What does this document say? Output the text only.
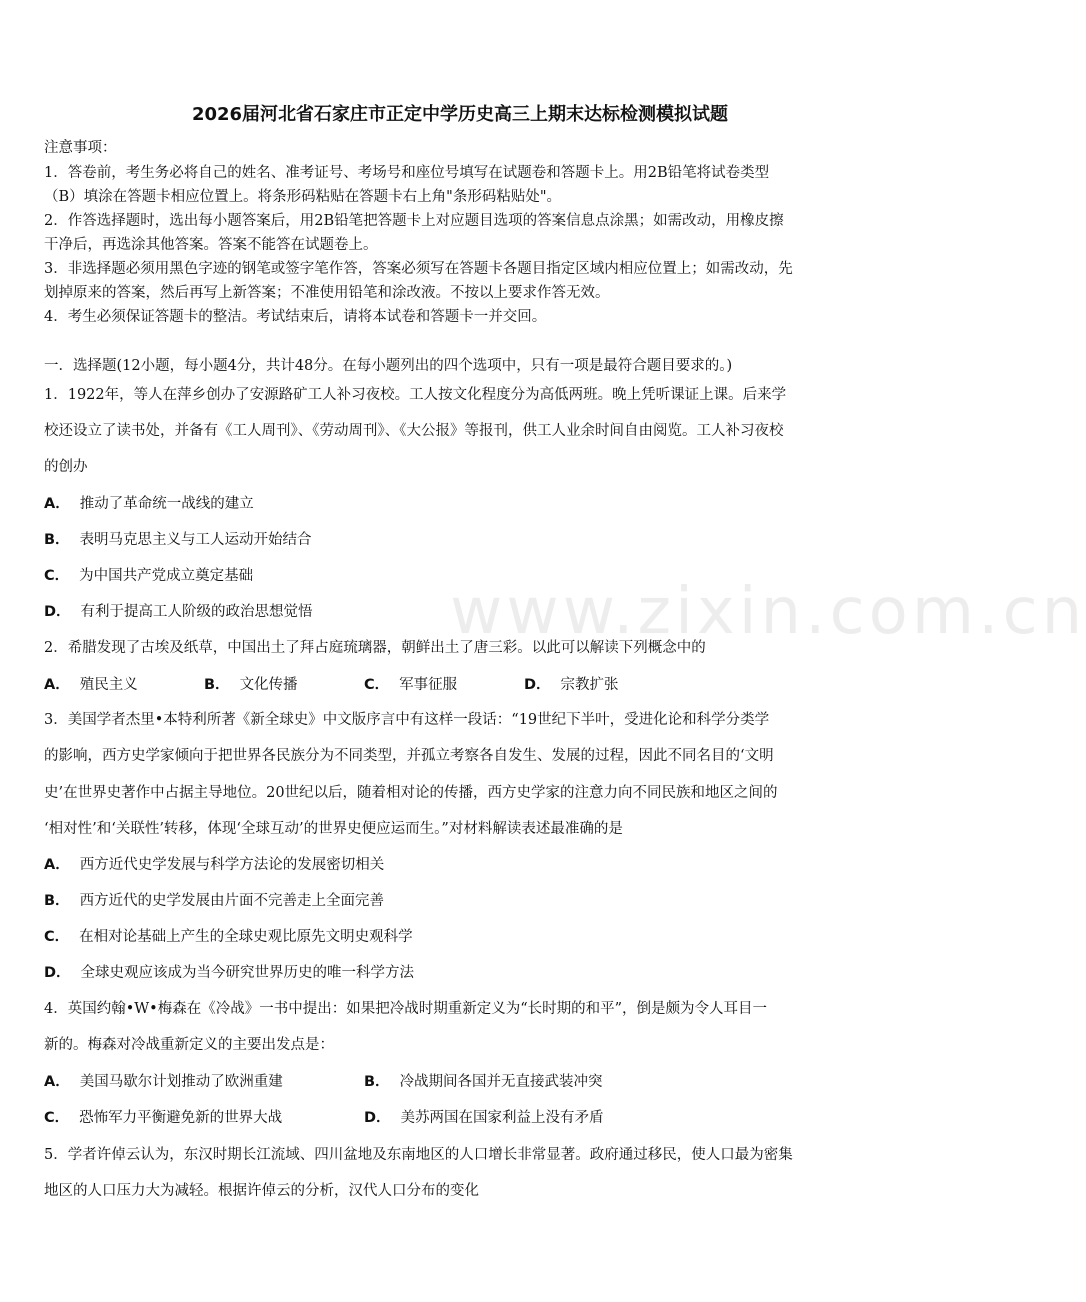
www.zixin.com.cn
2026届河北省石家庄市正定中学历史高三上期末达标检测模拟试题
注意事项：
1．答卷前，考生务必将自己的姓名、准考证号、考场号和座位号填写在试题卷和答题卡上。用2B铅笔将试卷类型
（B）填涂在答题卡相应位置上。将条形码粘贴在答题卡右上角"条形码粘贴处"。
2．作答选择题时，选出每小题答案后，用2B铅笔把答题卡上对应题目选项的答案信息点涂黑；如需改动，用橡皮擦
干净后，再选涂其他答案。答案不能答在试题卷上。
3．非选择题必须用黑色字迹的钢笔或签字笔作答，答案必须写在答题卡各题目指定区域内相应位置上；如需改动，先
划掉原来的答案，然后再写上新答案；不准使用铅笔和涂改液。不按以上要求作答无效。
4．考生必须保证答题卡的整洁。考试结束后，请将本试卷和答题卡一并交回。
一．选择题(12小题，每小题4分，共计48分。在每小题列出的四个选项中，只有一项是最符合题目要求的。)
1．1922年，等人在萍乡创办了安源路矿工人补习夜校。工人按文化程度分为高低两班。晚上凭听课证上课。后来学
校还设立了读书处，并备有《工人周刊》、《劳动周刊》、《大公报》等报刊，供工人业余时间自由阅览。工人补习夜校
的创办
A． 推动了革命统一战线的建立
B． 表明马克思主义与工人运动开始结合
C． 为中国共产党成立奠定基础
D． 有利于提高工人阶级的政治思想觉悟
2．希腊发现了古埃及纸草，中国出土了拜占庭琉璃器，朝鲜出土了唐三彩。以此可以解读下列概念中的
A． 殖民主义	B． 文化传播	C． 军事征服	D． 宗教扩张
3．美国学者杰里•本特利所著《新全球史》中文版序言中有这样一段话：“19世纪下半叶，受进化论和科学分类学
的影响，西方史学家倾向于把世界各民族分为不同类型，并孤立考察各自发生、发展的过程，因此不同名目的‘文明
史’在世界史著作中占据主导地位。20世纪以后，随着相对论的传播，西方史学家的注意力向不同民族和地区之间的
‘相对性’和‘关联性’转移，体现‘全球互动’的世界史便应运而生。”对材料解读表述最准确的是
A． 西方近代史学发展与科学方法论的发展密切相关
B． 西方近代的史学发展由片面不完善走上全面完善
C． 在相对论基础上产生的全球史观比原先文明史观科学
D． 全球史观应该成为当今研究世界历史的唯一科学方法
4．英国约翰•W•梅森在《冷战》一书中提出：如果把冷战时期重新定义为“长时期的和平”，倒是颇为令人耳目一
新的。梅森对冷战重新定义的主要出发点是：
A． 美国马歇尔计划推动了欧洲重建	B． 冷战期间各国并无直接武装冲突
C． 恐怖军力平衡避免新的世界大战	D． 美苏两国在国家利益上没有矛盾
5．学者许倬云认为，东汉时期长江流域、四川盆地及东南地区的人口增长非常显著。政府通过移民，使人口最为密集
地区的人口压力大为减轻。根据许倬云的分析，汉代人口分布的变化
